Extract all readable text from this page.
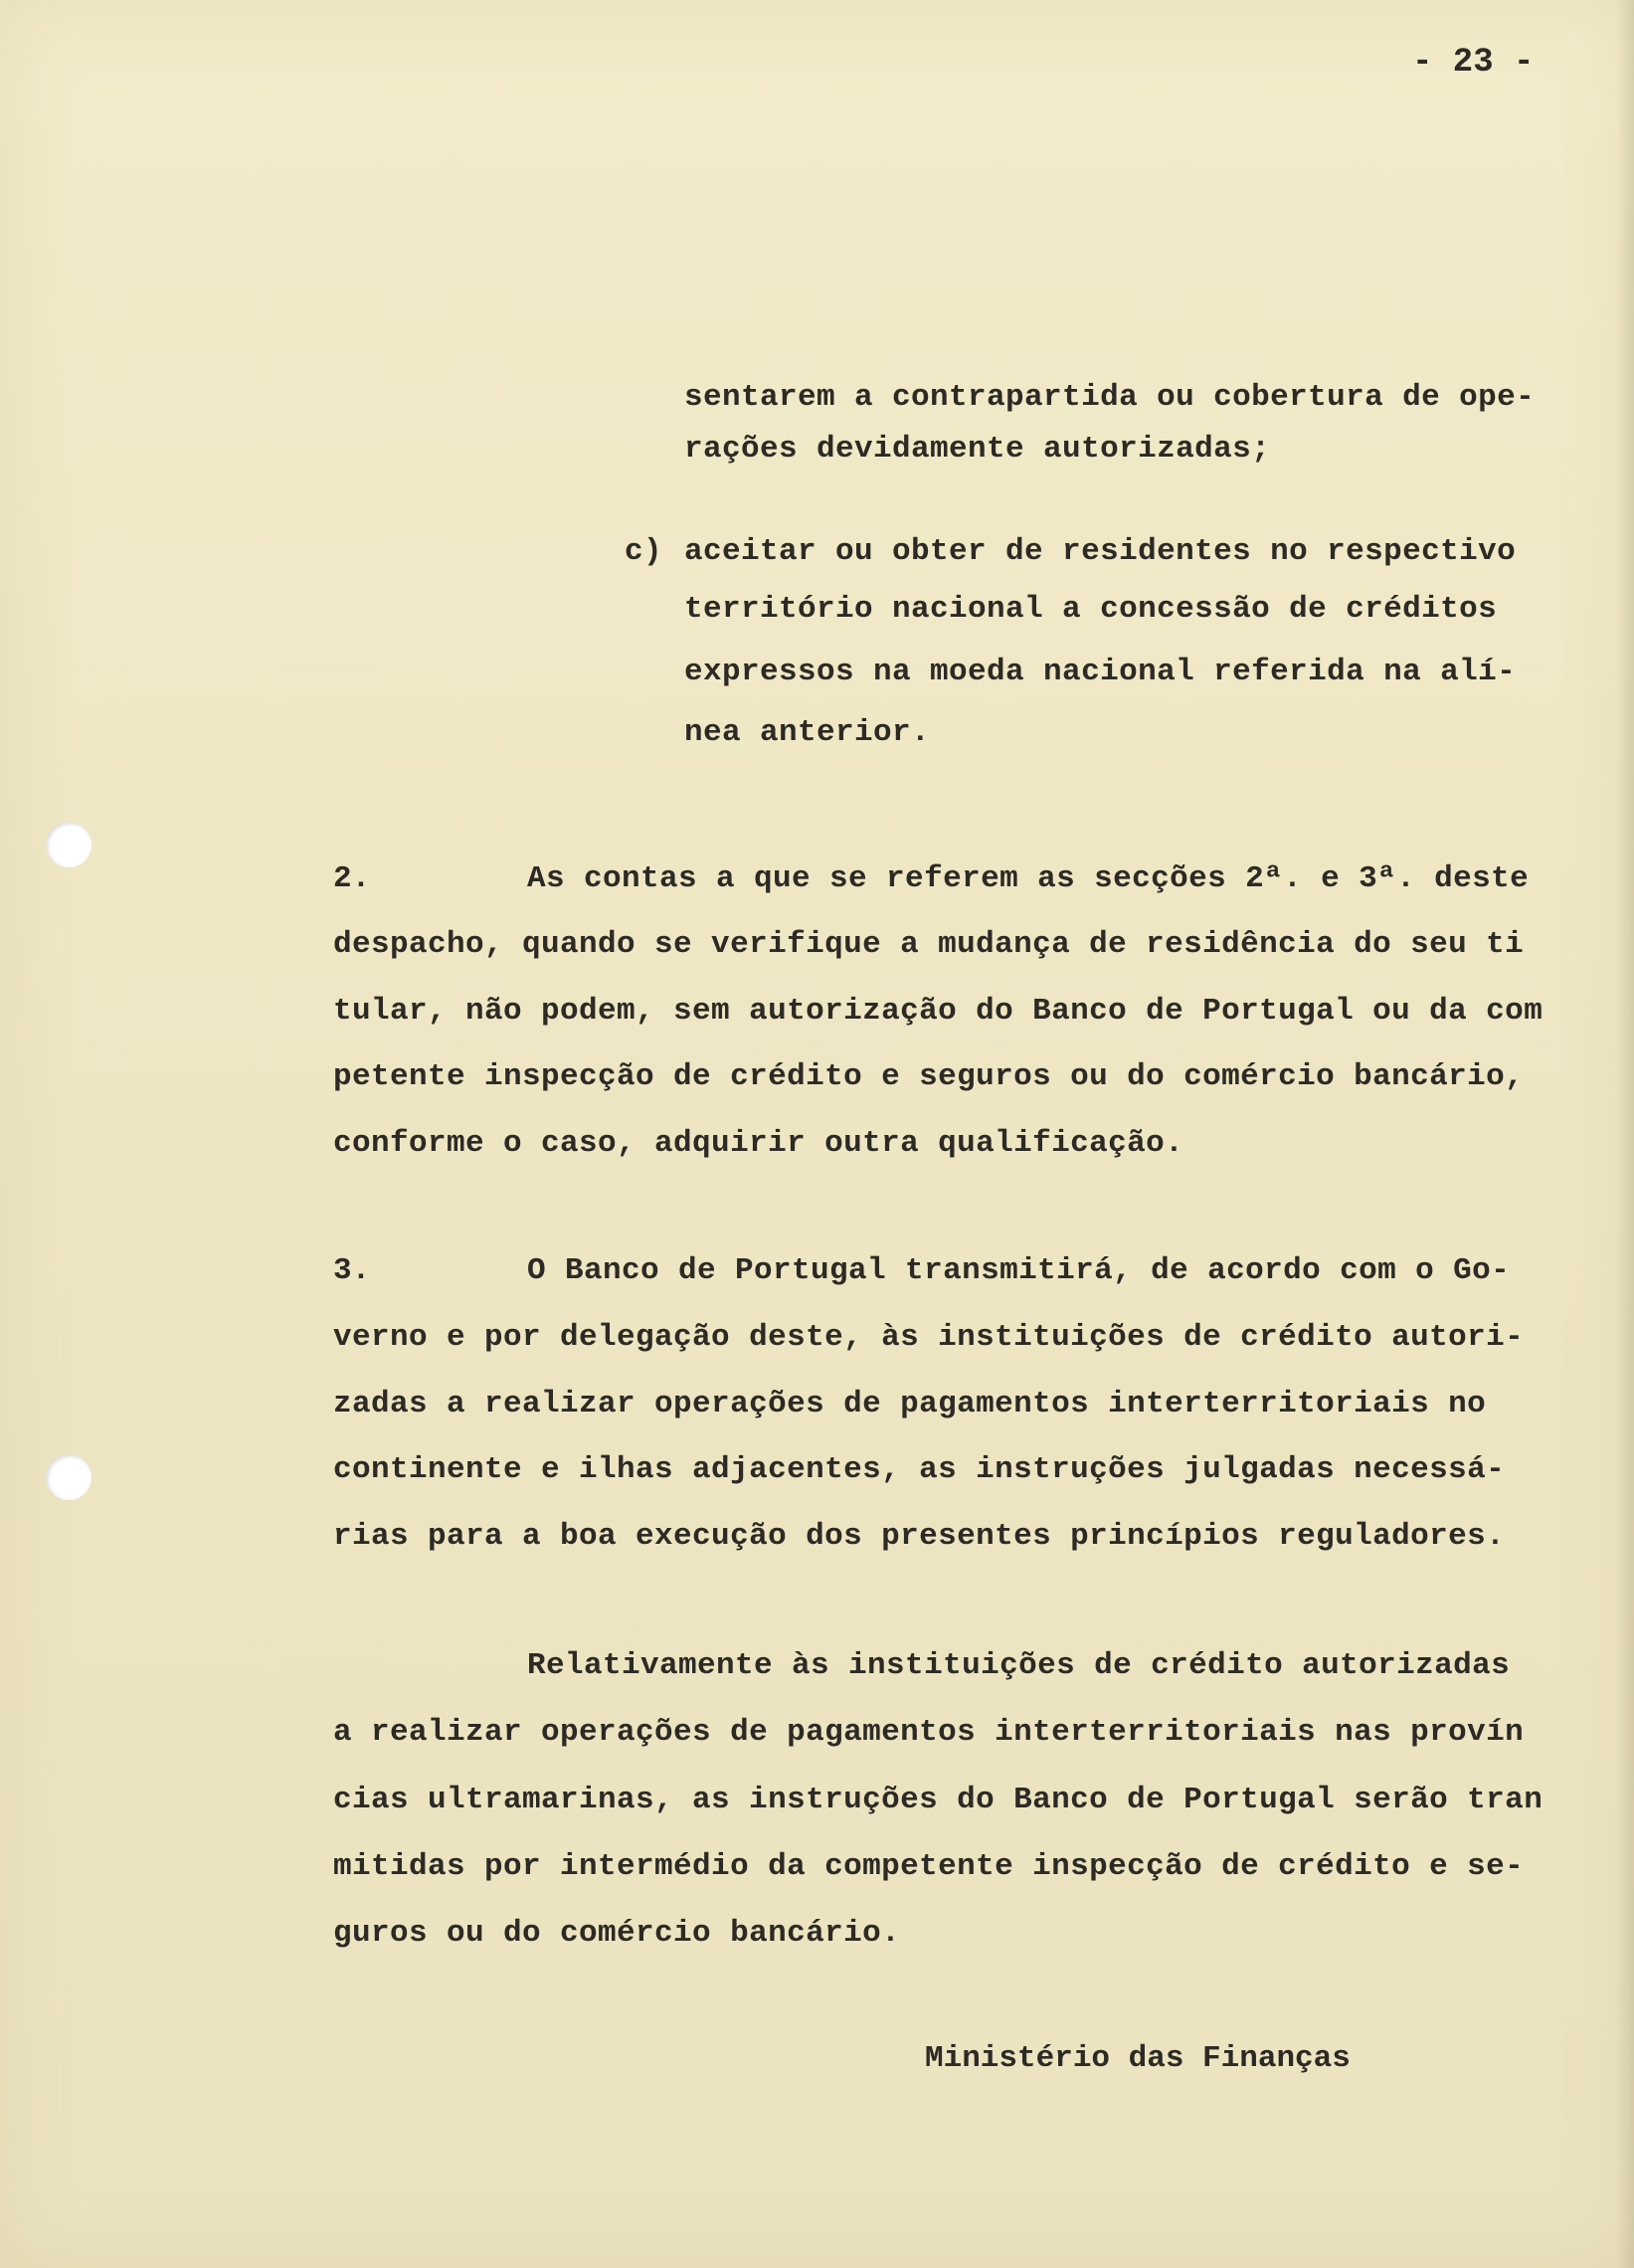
- 23 -

sentarem a contrapartida ou cobertura de ope-

rações devidamente autorizadas;

c) aceitar ou obter de residentes no respectivo

território nacional a concessão de créditos

expressos na moeda nacional referida na alí-

nea anterior.

2.	As contas a que se referem as secções 2ª. e 3ª. deste

despacho, quando se verifique a mudança de residência do seu ti

tular, não podem, sem autorização do Banco de Portugal ou da com

petente inspecção de crédito e seguros ou do comércio bancário,

conforme o caso, adquirir outra qualificação.

3.	O Banco de Portugal transmitirá, de acordo com o Go-

verno e por delegação deste, às instituições de crédito autori-

zadas a realizar operações de pagamentos interterritoriais no

continente e ilhas adjacentes, as instruções julgadas necessá-

rias para a boa execução dos presentes princípios reguladores.

Relativamente às instituições de crédito autorizadas

a realizar operações de pagamentos interterritoriais nas provín

cias ultramarinas, as instruções do Banco de Portugal serão tran

mitidas por intermédio da competente inspecção de crédito e se-

guros ou do comércio bancário.

Ministério das Finanças
